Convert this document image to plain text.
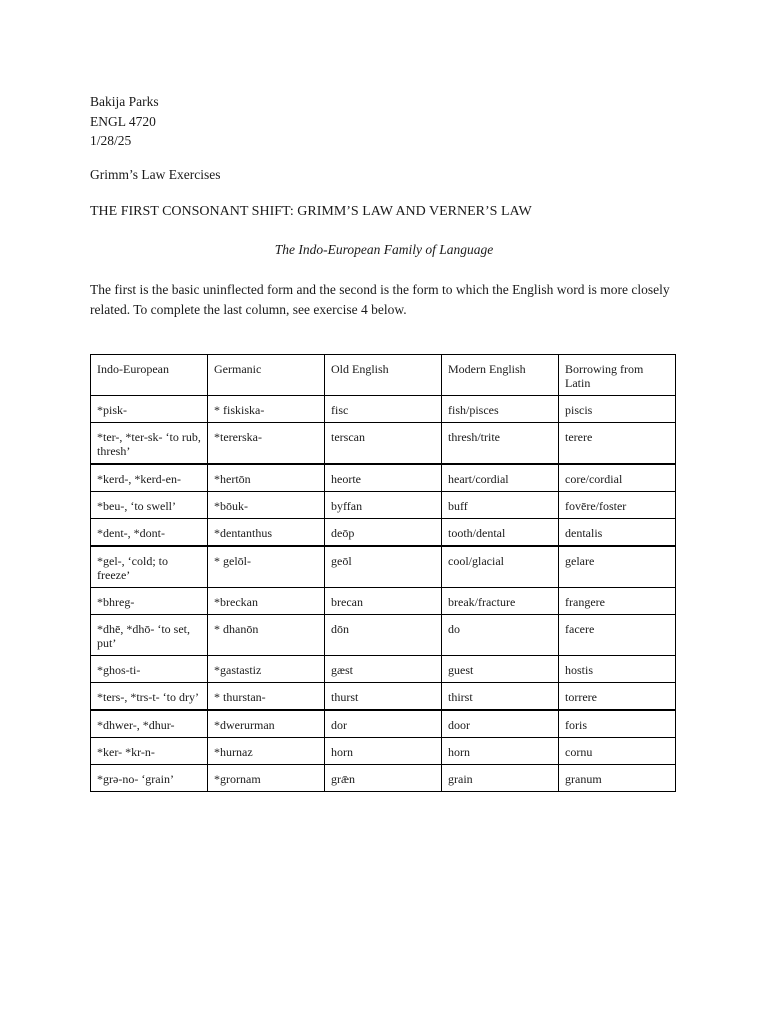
Bakija Parks
ENGL 4720
1/28/25
Grimm’s Law Exercises
THE FIRST CONSONANT SHIFT: GRIMM’S LAW AND VERNER’S LAW
The Indo-European Family of Language
The first is the basic uninflected form and the second is the form to which the English word is more closely related. To complete the last column, see exercise 4 below.
Indo-European	Germanic	Old English	Modern English	Borrowing from Latin
*pisk-	* fiskiska-	fisc	fish/pisces	piscis
*ter-, *ter-sk- ‘to rub, thresh’	*tererska-	terscan	thresh/trite	terere
*kerd-, *kerd-en-	*hertōn	heorte	heart/cordial	core/cordial
*beu-, ‘to swell’	*bōuk-	byffan	buff	fovēre/foster
*dent-, *dont-	*dentanthus	deōp	tooth/dental	dentalis
*gel-, ‘cold; to freeze’	* gelōl-	geōl	cool/glacial	gelare
*bhreg-	*breckan	brecan	break/fracture	frangere
*dhē, *dhō- ‘to set, put’	* dhanōn	dōn	do	facere
*ghos-ti-	*gastastiz	gæst	guest	hostis
*ters-, *trs-t- ‘to dry’	* thurstan-	thurst	thirst	torrere
*dhwer-, *dhur-	*dwerurman	dor	door	foris
*ker- *kr-n-	*hurnaz	horn	horn	cornu
*grə-no- ‘grain’	*grornam	grǣn	grain	granum
